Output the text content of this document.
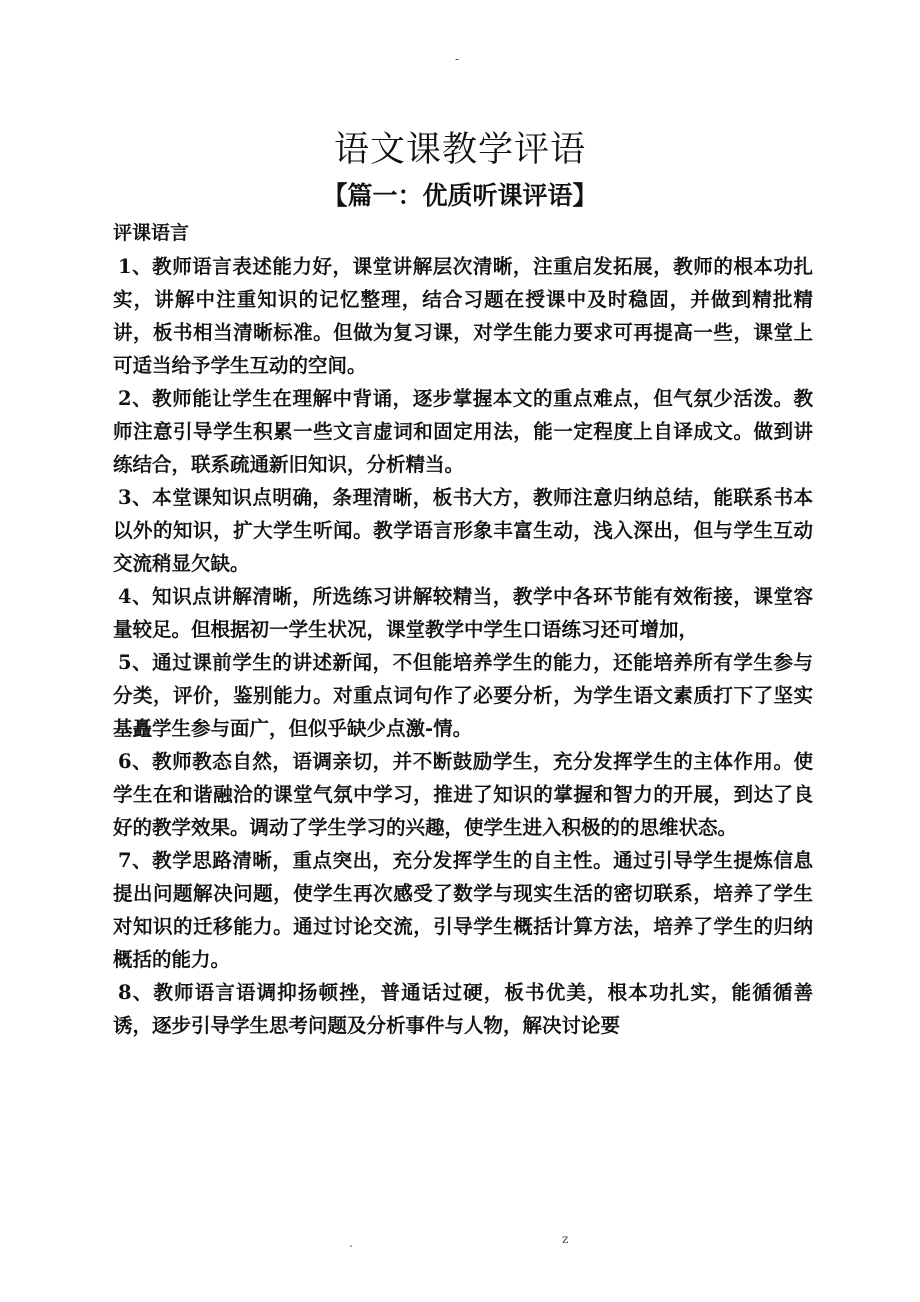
-
语文课教学评语
【篇一：优质听课评语】
评课语言

1、教师语言表述能力好，课堂讲解层次清晰，注重启发拓展，教师的根本功扎实，讲解中注重知识的记忆整理，结合习题在授课中及时稳固，并做到精批精讲，板书相当清晰标准。但做为复习课，对学生能力要求可再提高一些，课堂上可适当给予学生互动的空间。

2、教师能让学生在理解中背诵，逐步掌握本文的重点难点，但气氛少活泼。教师注意引导学生积累一些文言虚词和固定用法，能一定程度上自译成文。做到讲练结合，联系疏通新旧知识，分析精当。

3、本堂课知识点明确，条理清晰，板书大方，教师注意归纳总结，能联系书本以外的知识，扩大学生听闻。教学语言形象丰富生动，浅入深出，但与学生互动交流稍显欠缺。

4、知识点讲解清晰，所选练习讲解较精当，教学中各环节能有效衔接，课堂容量较足。但根据初一学生状况，课堂教学中学生口语练习还可增加，

5、通过课前学生的讲述新闻，不但能培养学生的能力，还能培养所有学生参与分类，评价，鉴别能力。对重点词句作了必要分析，为学生语文素质打下了坚实基矗学生参与面广，但似乎缺少点激-情。

6、教师教态自然，语调亲切，并不断鼓励学生，充分发挥学生的主体作用。使学生在和谐融洽的课堂气氛中学习，推进了知识的掌握和智力的开展，到达了良好的教学效果。调动了学生学习的兴趣，使学生进入积极的的思维状态。

7、教学思路清晰，重点突出，充分发挥学生的自主性。通过引导学生提炼信息提出问题解决问题，使学生再次感受了数学与现实生活的密切联系，培养了学生对知识的迁移能力。通过讨论交流，引导学生概括计算方法，培养了学生的归纳概括的能力。

8、教师语言语调抑扬顿挫，普通话过硬，板书优美，根本功扎实，能循循善诱，逐步引导学生思考问题及分析事件与人物，解决讨论要

.	z
